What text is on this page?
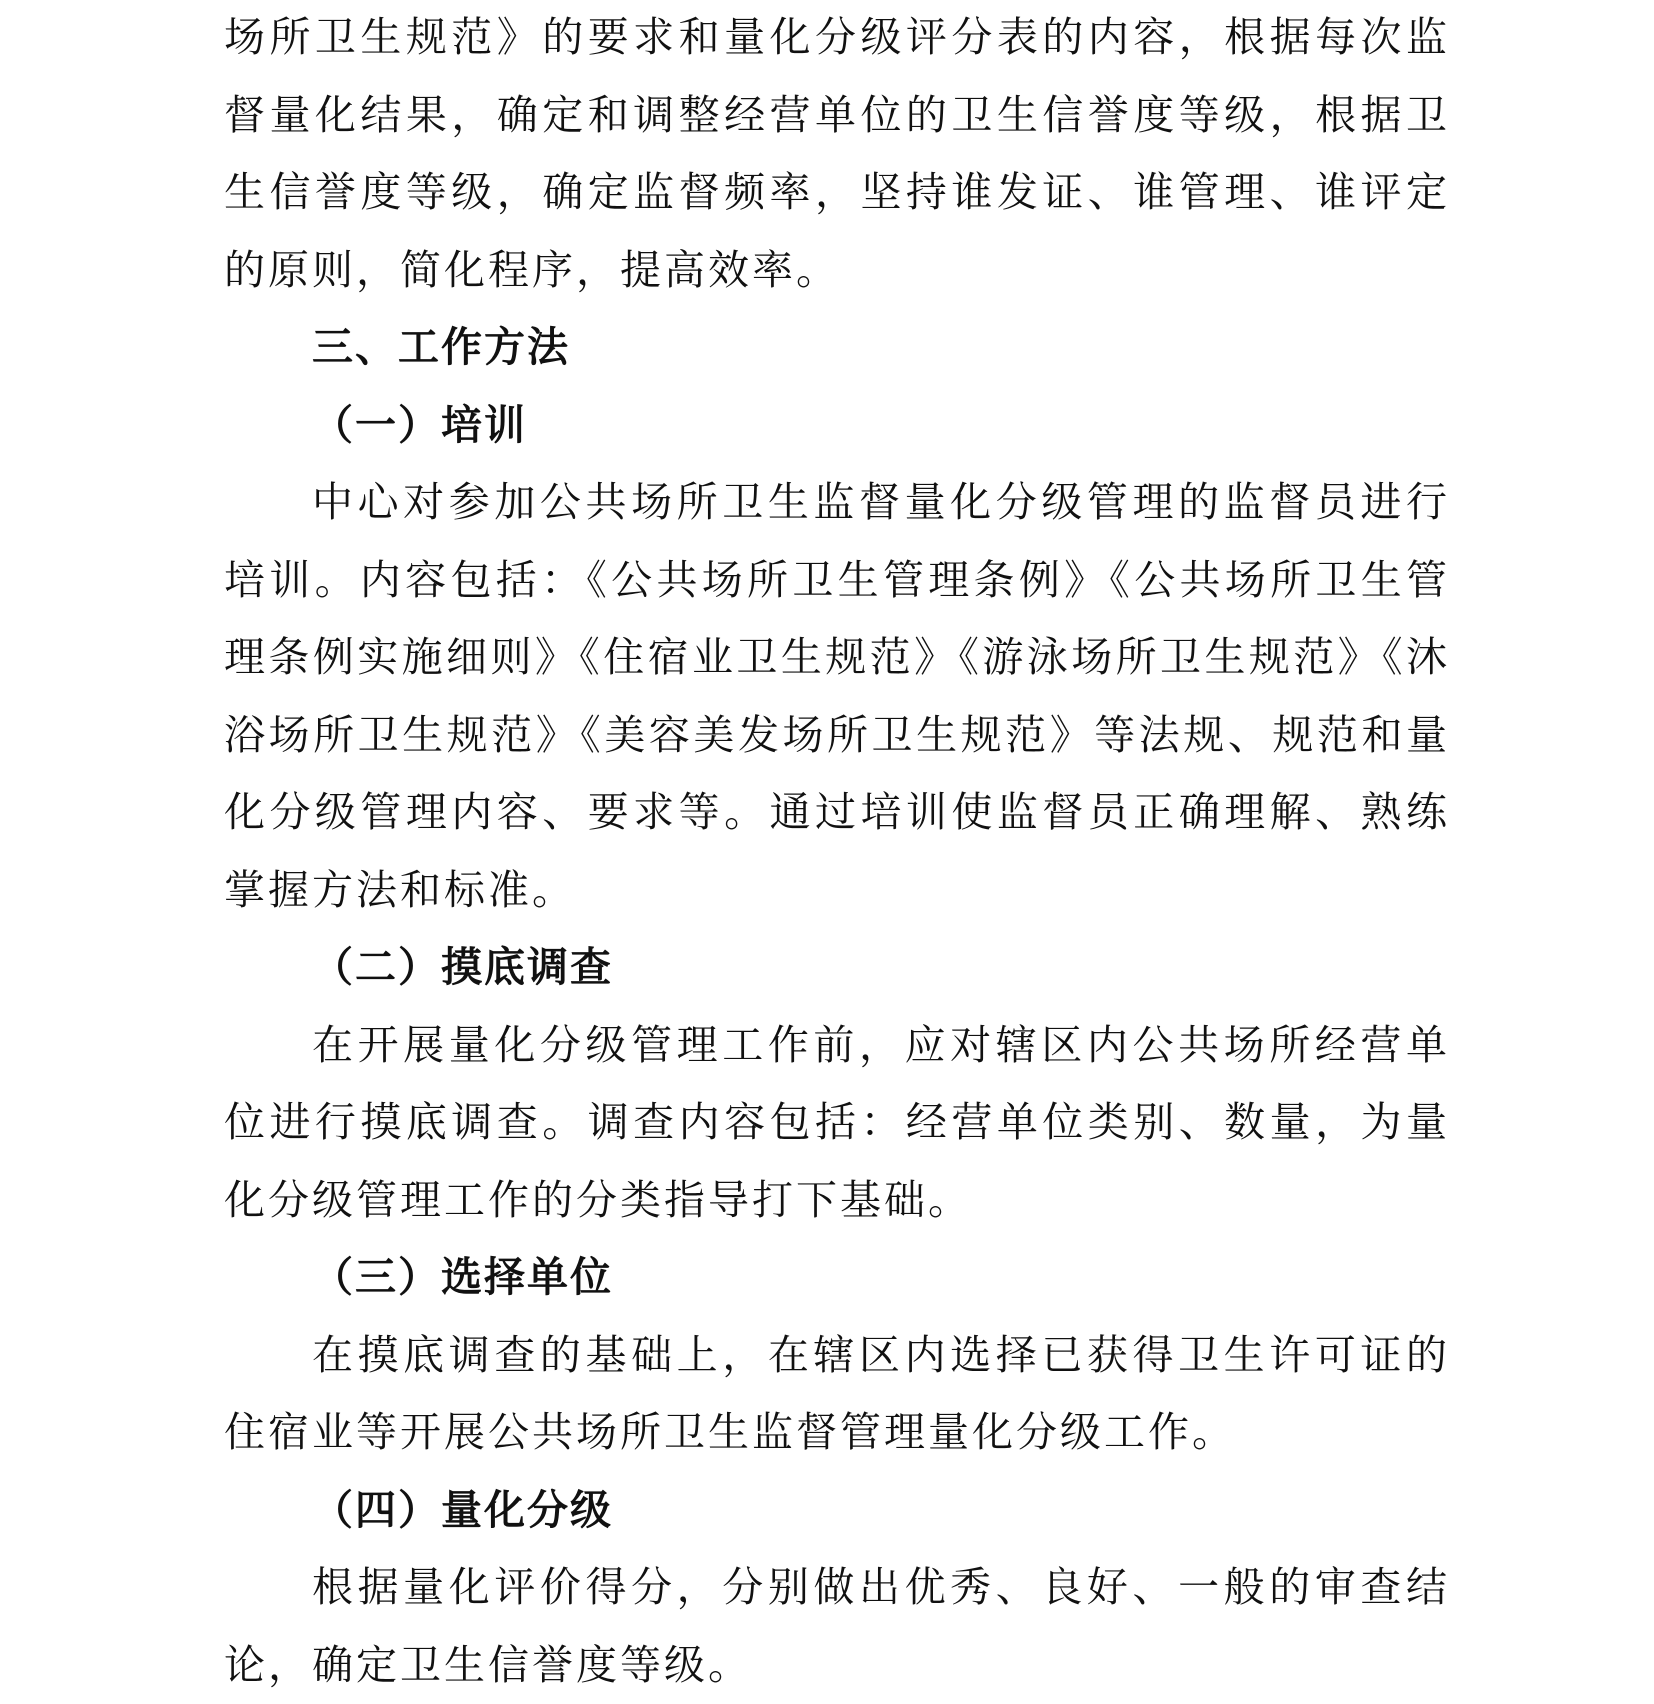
场所卫生规范》的要求和量化分级评分表的内容，根据每次监督量化结果，确定和调整经营单位的卫生信誉度等级，根据卫生信誉度等级，确定监督频率，坚持谁发证、谁管理、谁评定的原则，简化程序，提高效率。

三、工作方法

（一）培训

中心对参加公共场所卫生监督量化分级管理的监督员进行培训。内容包括：《公共场所卫生管理条例》《公共场所卫生管理条例实施细则》《住宿业卫生规范》《游泳场所卫生规范》《沐浴场所卫生规范》《美容美发场所卫生规范》等法规、规范和量化分级管理内容、要求等。通过培训使监督员正确理解、熟练掌握方法和标准。

（二）摸底调查

在开展量化分级管理工作前，应对辖区内公共场所经营单位进行摸底调查。调查内容包括：经营单位类别、数量，为量化分级管理工作的分类指导打下基础。

（三）选择单位

在摸底调查的基础上，在辖区内选择已获得卫生许可证的住宿业等开展公共场所卫生监督管理量化分级工作。

（四）量化分级

根据量化评价得分，分别做出优秀、良好、一般的审查结论，确定卫生信誉度等级。
